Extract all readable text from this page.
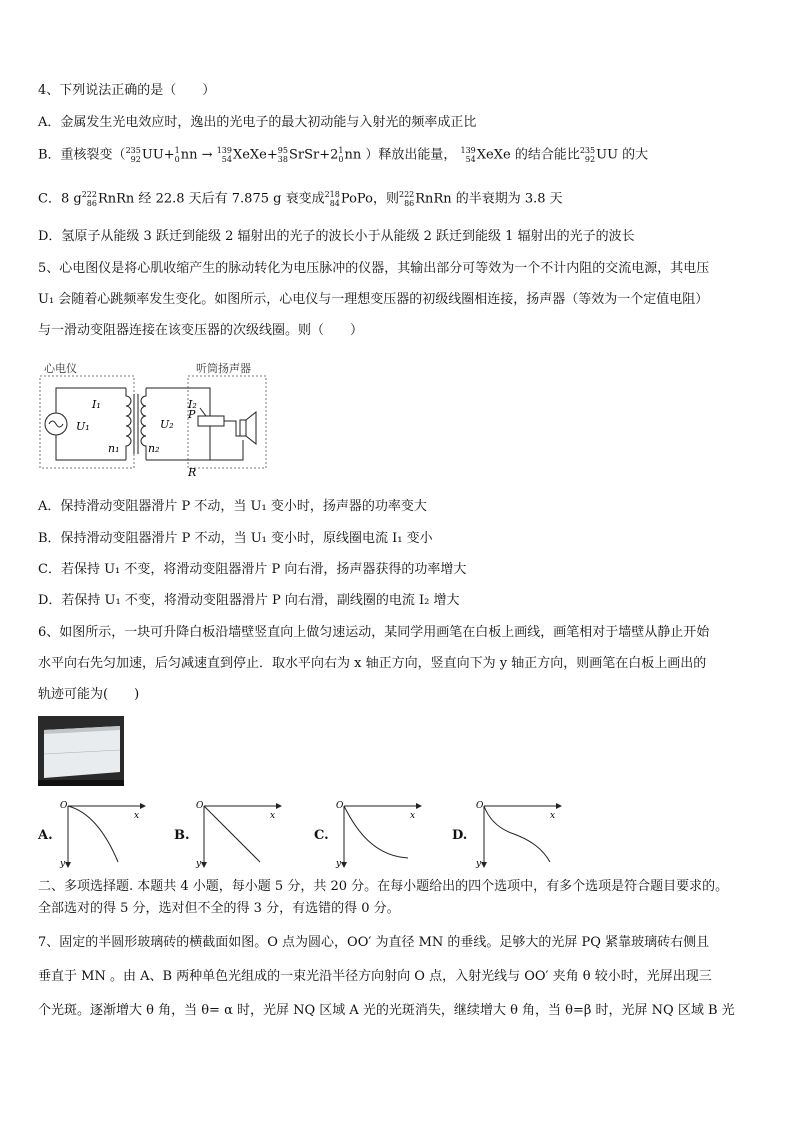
4、下列说法正确的是（　　）
A．金属发生光电效应时，逸出的光电子的最大初动能与入射光的频率成正比
B．重核裂变（ 235
92 UU+ 1
0 nn → 139
54 XeXe+ 95
38 SrSr+2 1
0 nn ）释放出能量， 139
54 XeXe 的结合能比 235
92 UU 的大
C．8 g 222
86 RnRn 经 22.8 天后有 7.875 g 衰变成 218
84 PoPo，则 222
86 RnRn 的半衰期为 3.8 天
D．氢原子从能级 3 跃迁到能级 2 辐射出的光子的波长小于从能级 2 跃迁到能级 1 辐射出的光子的波长
5、心电图仪是将心肌收缩产生的脉动转化为电压脉冲的仪器，其输出部分可等效为一个不计内阻的交流电源，其电压
U₁ 会随着心跳频率发生变化。如图所示，心电仪与一理想变压器的初级线圈相连接，扬声器（等效为一个定值电阻）
与一滑动变阻器连接在该变压器的次级线圈。则（　　）
心电仪	听筒扬声器
I₁
U₁
n₁
U₂
n₂
I₂
P
R
A．保持滑动变阻器滑片 P 不动，当 U₁ 变小时，扬声器的功率变大
B．保持滑动变阻器滑片 P 不动，当 U₁ 变小时，原线圈电流 I₁ 变小
C．若保持 U₁ 不变，将滑动变阻器滑片 P 向右滑，扬声器获得的功率增大
D．若保持 U₁ 不变，将滑动变阻器滑片 P 向右滑，副线圈的电流 I₂ 增大
6、如图所示，一块可升降白板沿墙壁竖直向上做匀速运动，某同学用画笔在白板上画线，画笔相对于墙壁从静止开始
水平向右先匀加速，后匀减速直到停止．取水平向右为 x 轴正方向，竖直向下为 y 轴正方向，则画笔在白板上画出的
轨迹可能为(　　)
A.
O
x
y
B.
O
x
y
C.
O
x
y
D.
O
x
y
二、多项选择题. 本题共 4 小题，每小题 5 分，共 20 分。在每小题给出的四个选项中，有多个选项是符合题目要求的。
全部选对的得 5 分，选对但不全的得 3 分，有选错的得 0 分。
7、固定的半圆形玻璃砖的横截面如图。O 点为圆心，OO′ 为直径 MN 的垂线。足够大的光屏 PQ 紧靠玻璃砖右侧且
垂直于 MN 。由 A、B 两种单色光组成的一束光沿半径方向射向 O 点，入射光线与 OO′ 夹角 θ 较小时，光屏出现三
个光斑。逐渐增大 θ 角，当 θ= α 时，光屏 NQ 区域 A 光的光斑消失，继续增大 θ 角，当 θ=β 时，光屏 NQ 区域 B 光
